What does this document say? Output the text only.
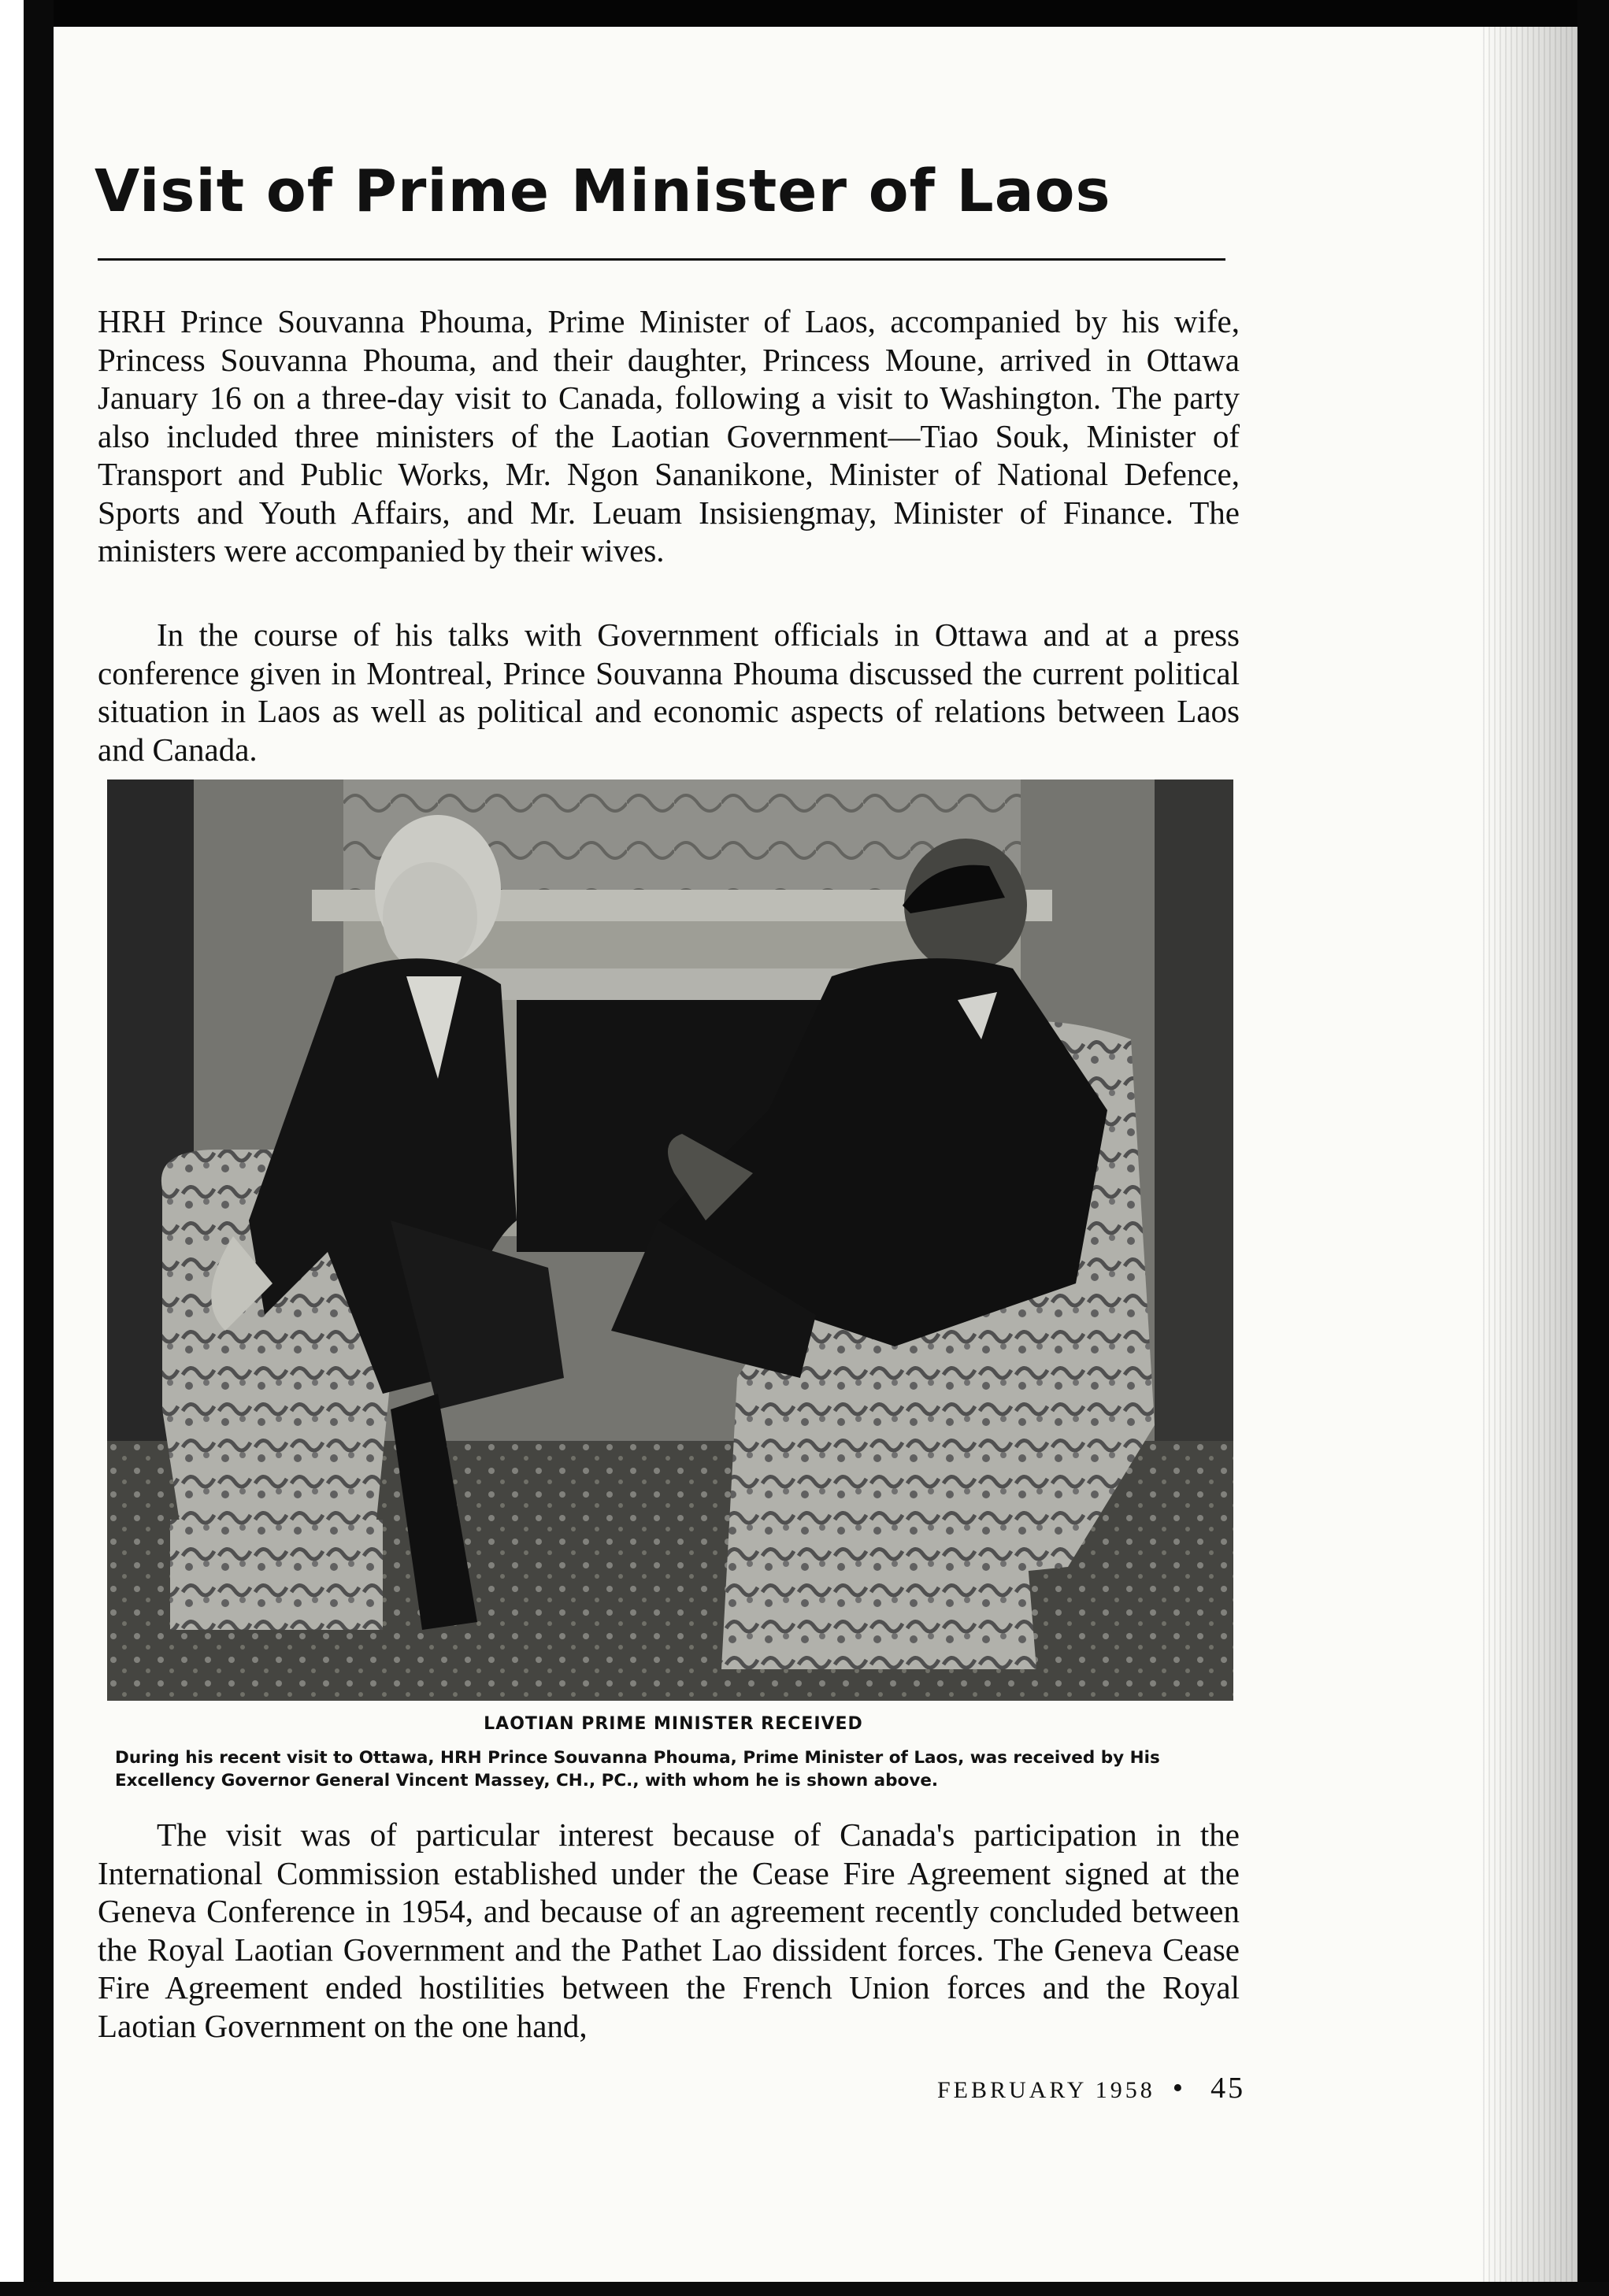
Visit of Prime Minister of Laos

HRH Prince Souvanna Phouma, Prime Minister of Laos, accompanied by his wife, Princess Souvanna Phouma, and their daughter, Princess Moune, arrived in Ottawa January 16 on a three-day visit to Canada, following a visit to Washington. The party also included three ministers of the Laotian Government—Tiao Souk, Minister of Transport and Public Works, Mr. Ngon Sananikone, Minister of National Defence, Sports and Youth Affairs, and Mr. Leuam Insisiengmay, Minister of Finance. The ministers were accompanied by their wives.

In the course of his talks with Government officials in Ottawa and at a press conference given in Montreal, Prince Souvanna Phouma discussed the current political situation in Laos as well as political and economic aspects of relations between Laos and Canada.

LAOTIAN PRIME MINISTER RECEIVED

During his recent visit to Ottawa, HRH Prince Souvanna Phouma, Prime Minister of Laos, was received by His Excellency Governor General Vincent Massey, CH., PC., with whom he is shown above.

The visit was of particular interest because of Canada's participation in the International Commission established under the Cease Fire Agreement signed at the Geneva Conference in 1954, and because of an agreement recently concluded between the Royal Laotian Government and the Pathet Lao dissident forces. The Geneva Cease Fire Agreement ended hostilities between the French Union forces and the Royal Laotian Government on the one hand,

FEBRUARY 1958 • 45
